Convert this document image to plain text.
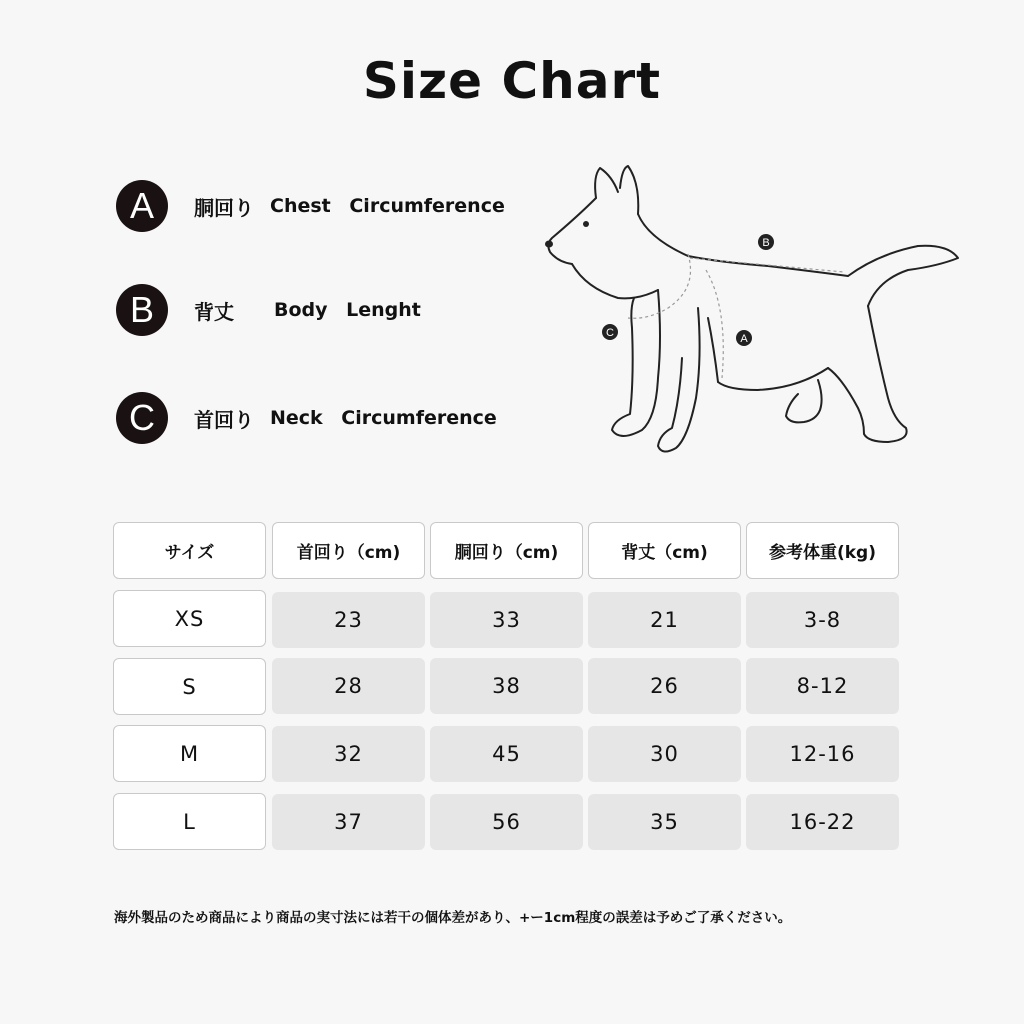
Size Chart
A	胴回り Chest Circumference
B	背丈 Body Lenght
C	首回り Neck Circumference
B
C	A
サイズ	首回り（cm)	胴回り（cm)	背丈（cm)	参考体重(kg)
XS	23	33	21	3-8
S	28	38	26	8-12
M	32	45	30	12-16
L	37	56	35	16-22
海外製品のため商品により商品の実寸法には若干の個体差があり、+ー1cm程度の誤差は予めご了承ください。
